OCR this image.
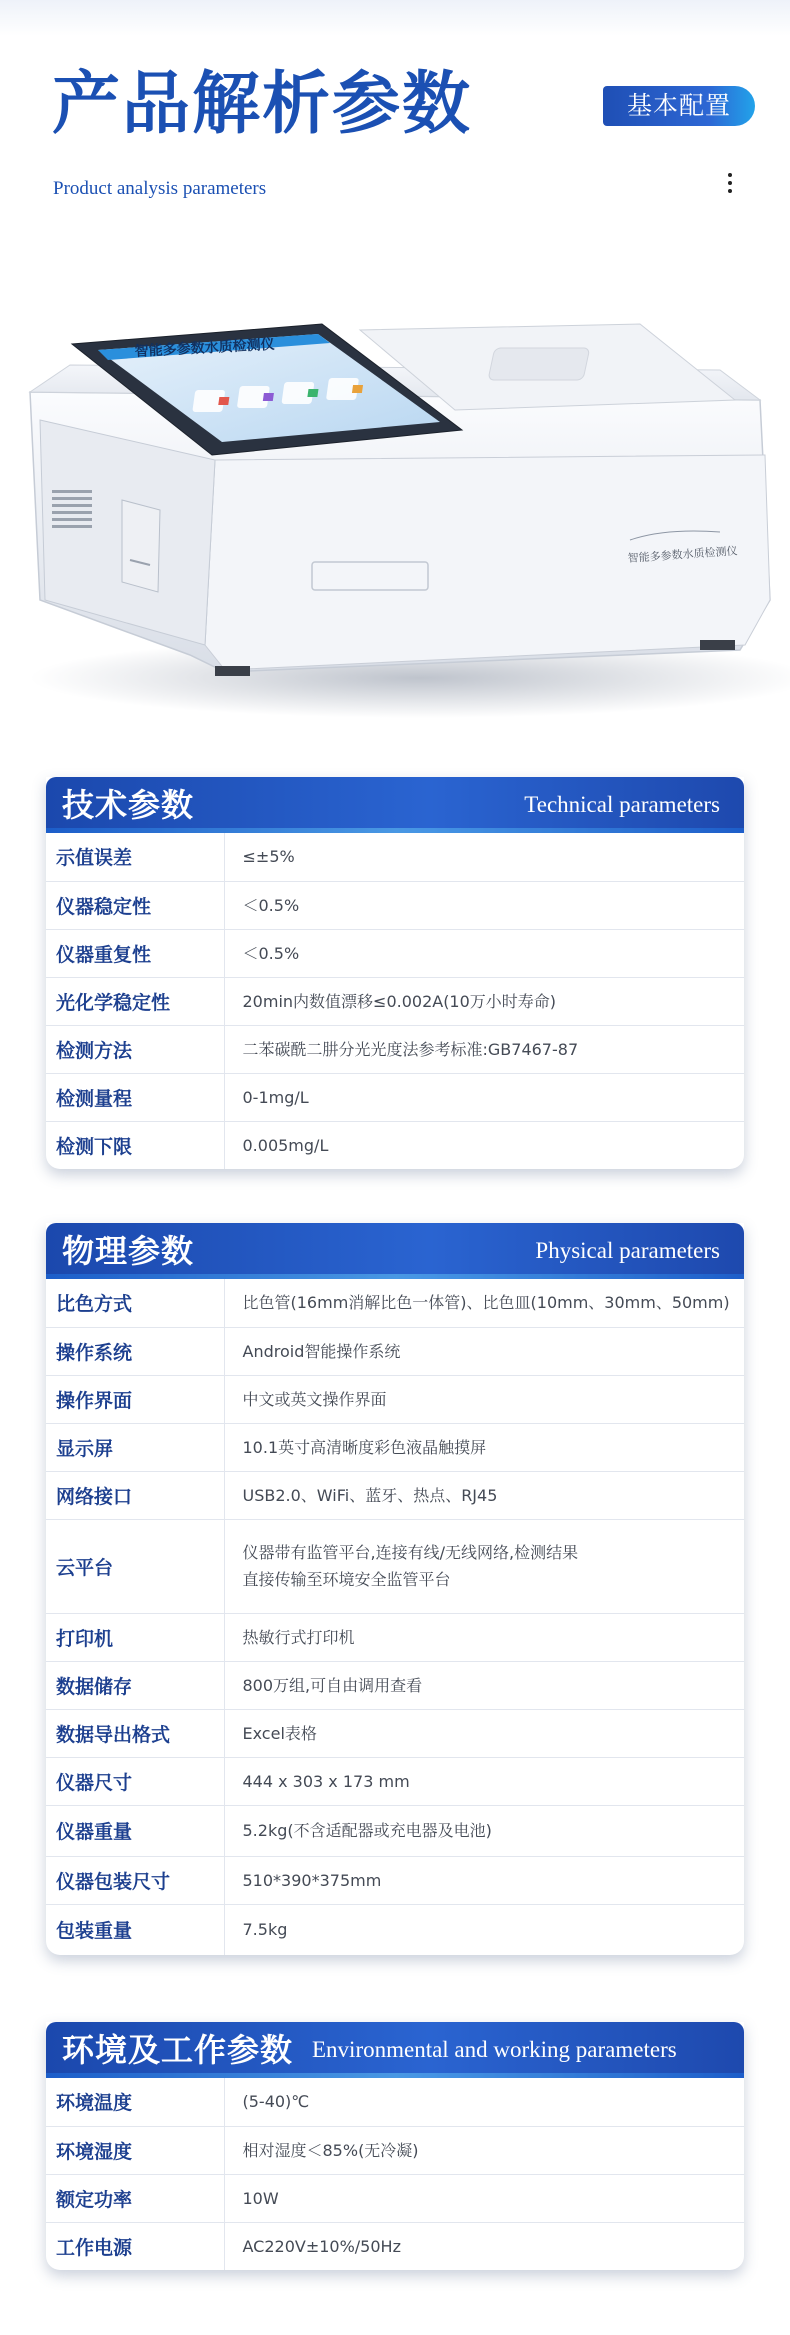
产品解析参数
Product analysis parameters
基本配置
智能多参数水质检测仪
智能多参数水质检测仪
技术参数	Technical parameters
示值误差	≤±5%
仪器稳定性	＜0.5%
仪器重复性	＜0.5%
光化学稳定性	20min内数值漂移≤0.002A(10万小时寿命)
检测方法	二苯碳酰二肼分光光度法参考标准:GB7467-87
检测量程	0-1mg/L
检测下限	0.005mg/L
物理参数	Physical parameters
比色方式	比色管(16mm消解比色一体管)、比色皿(10mm、30mm、50mm)
操作系统	Android智能操作系统
操作界面	中文或英文操作界面
显示屏	10.1英寸高清晰度彩色液晶触摸屏
网络接口	USB2.0、WiFi、蓝牙、热点、RJ45
云平台	仪器带有监管平台,连接有线/无线网络,检测结果
直接传输至环境安全监管平台

打印机	热敏行式打印机
数据储存	800万组,可自由调用查看
数据导出格式	Excel表格
仪器尺寸	444 x 303 x 173 mm
仪器重量	5.2kg(不含适配器或充电器及电池)
仪器包装尺寸	510*390*375mm
包装重量	7.5kg
环境及工作参数 Environmental and working parameters
环境温度	(5-40)℃
环境湿度	相对湿度＜85%(无冷凝)
额定功率	10W
工作电源	AC220V±10%/50Hz
